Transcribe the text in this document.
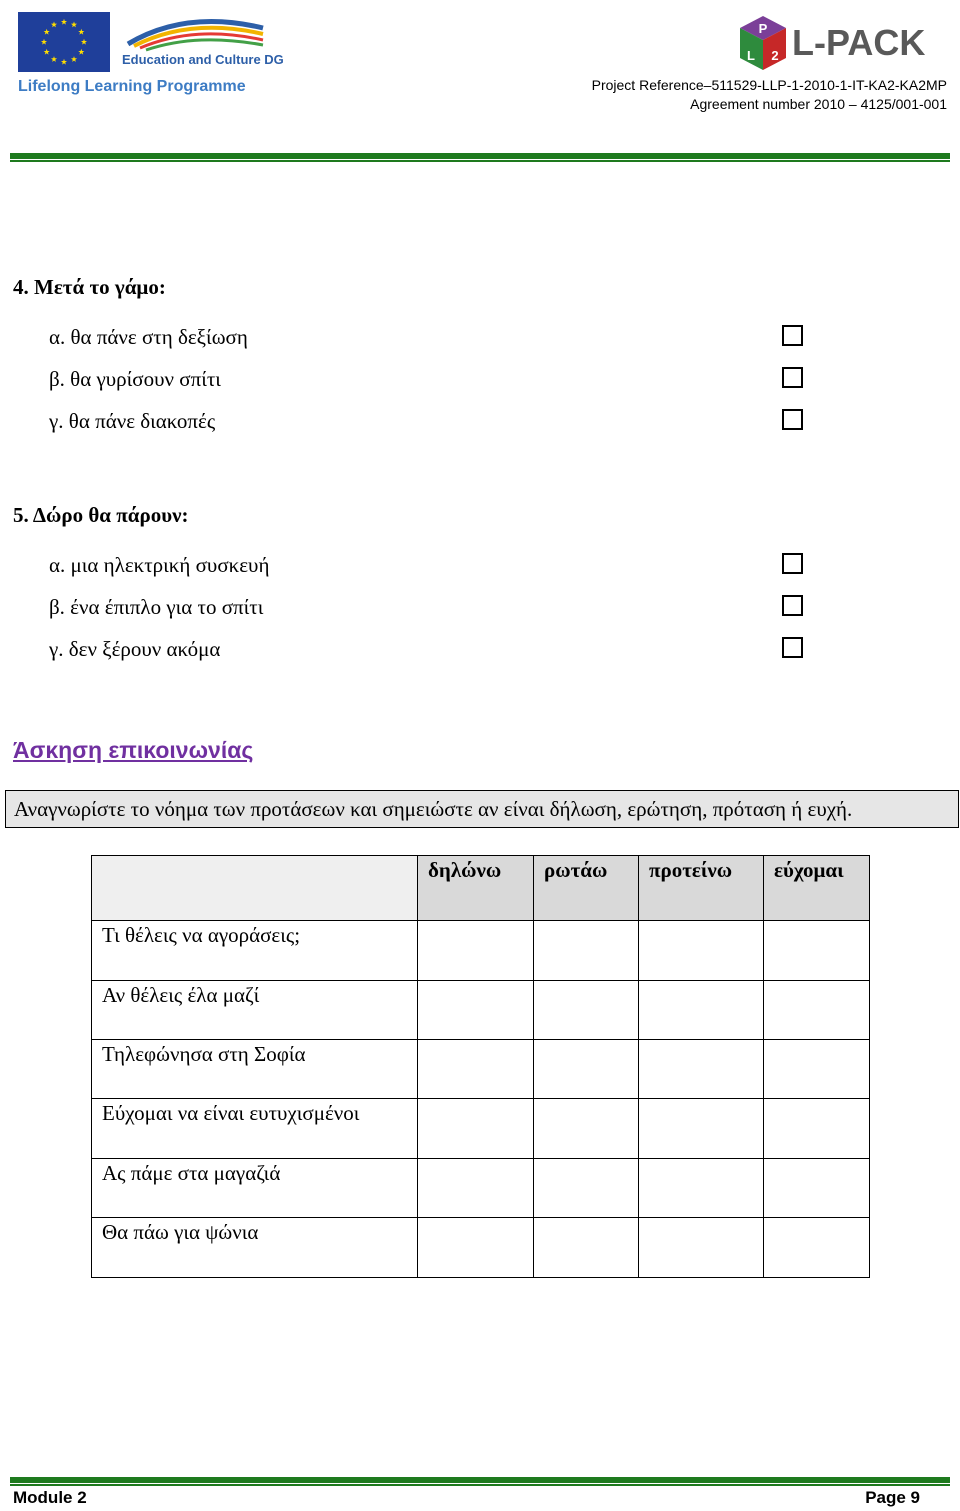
Education and Culture DG
Lifelong Learning Programme
P
L 2 L-PACK
Project Reference–511529-LLP-1-2010-1-IT-KA2-KA2MP
Agreement number 2010 – 4125/001-001
4. Μετά το γάμο:
α. θα πάνε στη δεξίωση
β. θα γυρίσουν σπίτι
γ. θα πάνε διακοπές
5. Δώρο θα πάρουν:
α. μια ηλεκτρική συσκευή
β. ένα έπιπλο για το σπίτι
γ. δεν ξέρουν ακόμα
Άσκηση επικοινωνίας
Αναγνωρίστε το νόημα των προτάσεων και σημειώστε αν είναι δήλωση, ερώτηση, πρόταση ή ευχή.
δηλώνω ρωτάω προτείνω εύχομαι
Τι θέλεις να αγοράσεις;
Αν θέλεις έλα μαζί
Τηλεφώνησα στη Σοφία
Εύχομαι να είναι ευτυχισμένοι
Ας πάμε στα μαγαζιά
Θα πάω για ψώνια
Module 2	Page 9
